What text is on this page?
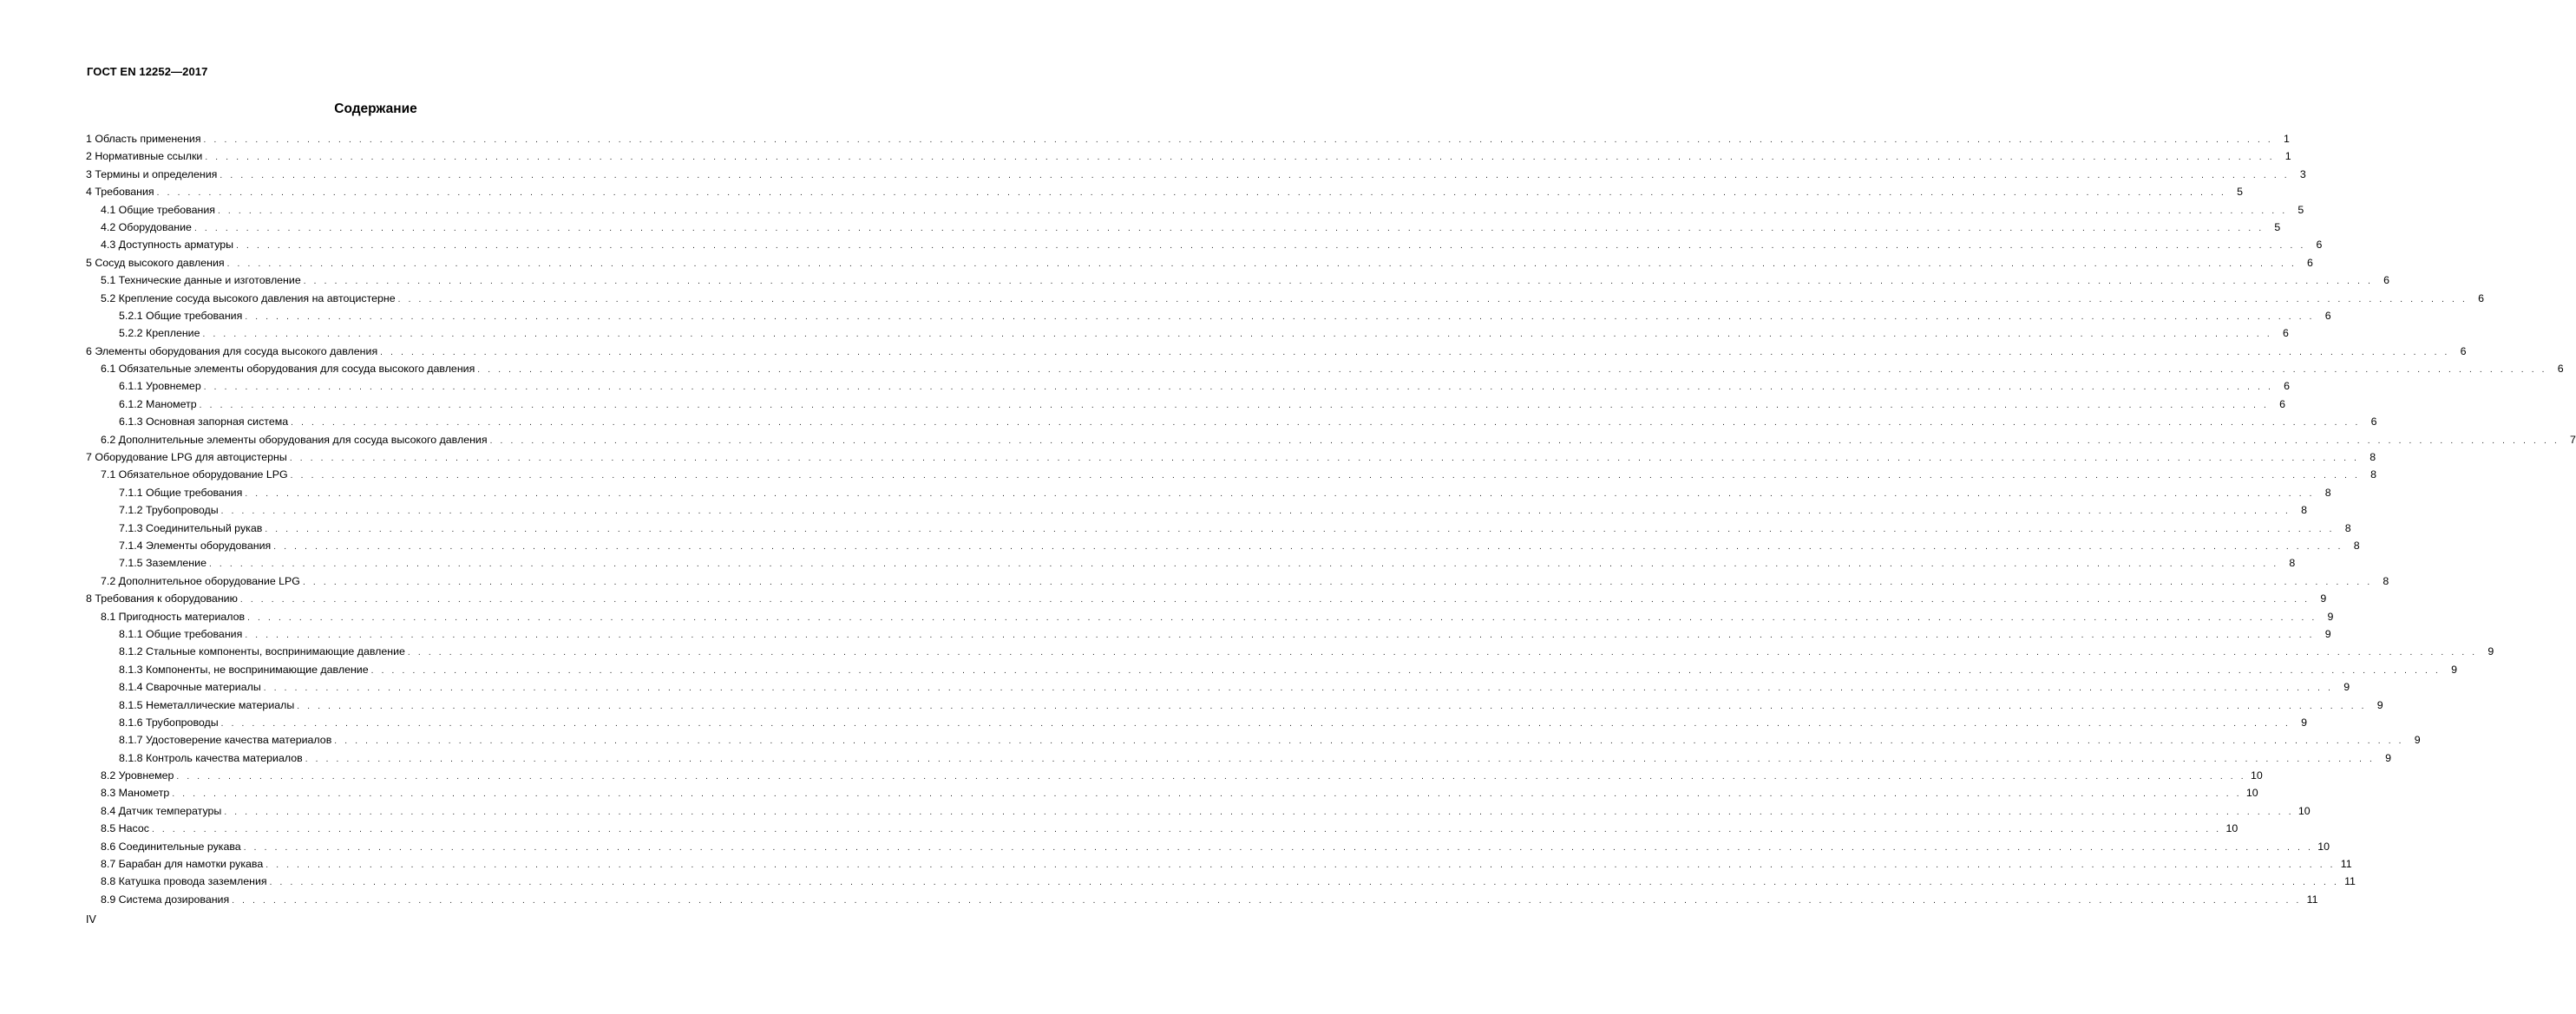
ГОСТ EN 12252—2017
Содержание
1 Область применения . . . . . . . . . . . . . . . . . . . . . . . . . . . . . . . . . . . . . . . . . . . . . . . . . . . . . . . . . . . . . . . . . . . . . . . . . . . . . . . . . . . . . . . . . . . . . . . . . . . . . . . . . . . . . . . . . . . . . . . . . . . . . . . . . . . . . . . . . . . . . . . . . . . . . . . . . . . . . . . . . . . . . . . . . . . . . . . . . . . . . . . . . . . . . . . . . . . . . . . . 1
2 Нормативные ссылки . . . . . . . . . . . . . . . . . . . . . . . . . . . . . . . . . . . . . . . . . . . . . . . . . . . . . . . . . . . . . . . . . . . . . . . . . . . . . . . . . . . . . . . . . . . . . . . . . . . . . . . . . . . . . . . . . . . . . . . . . . . . . . . . . . . . . . . . . . . . . . . . . . . . . . . . . . . . . . . . . . . . . . . . . . . . . . . . . . . . . . . . . . . . . . . . . . . . . . . . 1
3 Термины и определения . . . . . . . . . . . . . . . . . . . . . . . . . . . . . . . . . . . . . . . . . . . . . . . . . . . . . . . . . . . . . . . . . . . . . . . . . . . . . . . . . . . . . . . . . . . . . . . . . . . . . . . . . . . . . . . . . . . . . . . . . . . . . . . . . . . . . . . . . . . . . . . . . . . . . . . . . . . . . . . . . . . . . . . . . . . . . . . . . . . . . . . . . . . . . . . . . . . . . . . . 3
4 Требования . . . . . . . . . . . . . . . . . . . . . . . . . . . . . . . . . . . . . . . . . . . . . . . . . . . . . . . . . . . . . . . . . . . . . . . . . . . . . . . . . . . . . . . . . . . . . . . . . . . . . . . . . . . . . . . . . . . . . . . . . . . . . . . . . . . . . . . . . . . . . . . . . . . . . . . . . . . . . . . . . . . . . . . . . . . . . . . . . . . . . . . . . . . . . . . . . . . . . . . . 5
4.1 Общие требования . . . . . . . . . . . . . . . . . . . . . . . . . . . . . . . . . . . . . . . . . . . . . . . . . . . . . . . . . . . . . . . . . . . . . . . . . . . . . . . . . . . . . . . . . . . . . . . . . . . . . . . . . . . . . . . . . . . . . . . . . . . . . . . . . . . . . . . . . . . . . . . . . . . . . . . . . . . . . . . . . . . . . . . . . . . . . . . . . . . . . . . . . . . . . . . . . . . . . . . . 5
4.2 Оборудование . . . . . . . . . . . . . . . . . . . . . . . . . . . . . . . . . . . . . . . . . . . . . . . . . . . . . . . . . . . . . . . . . . . . . . . . . . . . . . . . . . . . . . . . . . . . . . . . . . . . . . . . . . . . . . . . . . . . . . . . . . . . . . . . . . . . . . . . . . . . . . . . . . . . . . . . . . . . . . . . . . . . . . . . . . . . . . . . . . . . . . . . . . . . . . . . . . . . . . . . 5
4.3 Доступность арматуры . . . . . . . . . . . . . . . . . . . . . . . . . . . . . . . . . . . . . . . . . . . . . . . . . . . . . . . . . . . . . . . . . . . . . . . . . . . . . . . . . . . . . . . . . . . . . . . . . . . . . . . . . . . . . . . . . . . . . . . . . . . . . . . . . . . . . . . . . . . . . . . . . . . . . . . . . . . . . . . . . . . . . . . . . . . . . . . . . . . . . . . . . . . . . . . . . . . . . . . . 6
5 Сосуд высокого давления . . . . . . . . . . . . . . . . . . . . . . . . . . . . . . . . . . . . . . . . . . . . . . . . . . . . . . . . . . . . . . . . . . . . . . . . . . . . . . . . . . . . . . . . . . . . . . . . . . . . . . . . . . . . . . . . . . . . . . . . . . . . . . . . . . . . . . . . . . . . . . . . . . . . . . . . . . . . . . . . . . . . . . . . . . . . . . . . . . . . . . . . . . . . . . . . . . . . . . . . 6
5.1 Технические данные и изготовление . . . . . . . . . . . . . . . . . . . . . . . . . . . . . . . . . . . . . . . . . . . . . . . . . . . . . . . . . . . . . . . . . . . . . . . . . . . . . . . . . . . . . . . . . . . . . . . . . . . . . . . . . . . . . . . . . . . . . . . . . . . . . . . . . . . . . . . . . . . . . . . . . . . . . . . . . . . . . . . . . . . . . . . . . . . . . . . . . . . . . . . . . . . . . . . . . . . . . . . . 6
5.2 Крепление сосуда высокого давления на автоцистерне . . . . . . . . . . . . . . . . . . . . . . . . . . . . . . . . . . . . . . . . . . . . . . . . . . . . . . . . . . . . . . . . . . . . . . . . . . . . . . . . . . . . . . . . . . . . . . . . . . . . . . . . . . . . . . . . . . . . . . . . . . . . . . . . . . . . . . . . . . . . . . . . . . . . . . . . . . . . . . . . . . . . . . . . . . . . . . . . . . . . . . . . . . . . . . . . . . . . . . . . 6
5.2.1 Общие требования . . . . . . . . . . . . . . . . . . . . . . . . . . . . . . . . . . . . . . . . . . . . . . . . . . . . . . . . . . . . . . . . . . . . . . . . . . . . . . . . . . . . . . . . . . . . . . . . . . . . . . . . . . . . . . . . . . . . . . . . . . . . . . . . . . . . . . . . . . . . . . . . . . . . . . . . . . . . . . . . . . . . . . . . . . . . . . . . . . . . . . . . . . . . . . . . . . . . . . . . 6
5.2.2 Крепление . . . . . . . . . . . . . . . . . . . . . . . . . . . . . . . . . . . . . . . . . . . . . . . . . . . . . . . . . . . . . . . . . . . . . . . . . . . . . . . . . . . . . . . . . . . . . . . . . . . . . . . . . . . . . . . . . . . . . . . . . . . . . . . . . . . . . . . . . . . . . . . . . . . . . . . . . . . . . . . . . . . . . . . . . . . . . . . . . . . . . . . . . . . . . . . . . . . . . . . . 6
6 Элементы оборудования для сосуда высокого давления . . . . . . . . . . . . . . . . . . . . . . . . . . . . . . . . . . . . . . . . . . . . . . . . . . . . . . . . . . . . . . . . . . . . . . . . . . . . . . . . . . . . . . . . . . . . . . . . . . . . . . . . . . . . . . . . . . . . . . . . . . . . . . . . . . . . . . . . . . . . . . . . . . . . . . . . . . . . . . . . . . . . . . . . . . . . . . . . . . . . . . . . . . . . . . . . . . . . . . . . 6
6.1 Обязательные элементы оборудования для сосуда высокого давления . . . . . . . . . . . . . . . . . . . . . . . . . . . . . . . . . . . . . . . . . . . . . . . . . . . . . . . . . . . . . . . . . . . . . . . . . . . . . . . . . . . . . . . . . . . . . . . . . . . . . . . . . . . . . . . . . . . . . . . . . . . . . . . . . . . . . . . . . . . . . . . . . . . . . . . . . . . . . . . . . . . . . . . . . . . . . . . . . . . . . . . . . . . . . . . . . . . . . . . . 6
6.1.1 Уровнемер . . . . . . . . . . . . . . . . . . . . . . . . . . . . . . . . . . . . . . . . . . . . . . . . . . . . . . . . . . . . . . . . . . . . . . . . . . . . . . . . . . . . . . . . . . . . . . . . . . . . . . . . . . . . . . . . . . . . . . . . . . . . . . . . . . . . . . . . . . . . . . . . . . . . . . . . . . . . . . . . . . . . . . . . . . . . . . . . . . . . . . . . . . . . . . . . . . . . . . . . 6
6.1.2 Манометр . . . . . . . . . . . . . . . . . . . . . . . . . . . . . . . . . . . . . . . . . . . . . . . . . . . . . . . . . . . . . . . . . . . . . . . . . . . . . . . . . . . . . . . . . . . . . . . . . . . . . . . . . . . . . . . . . . . . . . . . . . . . . . . . . . . . . . . . . . . . . . . . . . . . . . . . . . . . . . . . . . . . . . . . . . . . . . . . . . . . . . . . . . . . . . . . . . . . . . . . 6
6.1.3 Основная запорная система . . . . . . . . . . . . . . . . . . . . . . . . . . . . . . . . . . . . . . . . . . . . . . . . . . . . . . . . . . . . . . . . . . . . . . . . . . . . . . . . . . . . . . . . . . . . . . . . . . . . . . . . . . . . . . . . . . . . . . . . . . . . . . . . . . . . . . . . . . . . . . . . . . . . . . . . . . . . . . . . . . . . . . . . . . . . . . . . . . . . . . . . . . . . . . . . . . . . . . . . 6
6.2 Дополнительные элементы оборудования для сосуда высокого давления . . . . . . . . . . . . . . . . . . . . . . . . . . . . . . . . . . . . . . . . . . . . . . . . . . . . . . . . . . . . . . . . . . . . . . . . . . . . . . . . . . . . . . . . . . . . . . . . . . . . . . . . . . . . . . . . . . . . . . . . . . . . . . . . . . . . . . . . . . . . . . . . . . . . . . . . . . . . . . . . . . . . . . . . . . . . . . . . . . . . . . . . . . . . . . . . . . . . . . . . 7
7 Оборудование LPG для автоцистерны . . . . . . . . . . . . . . . . . . . . . . . . . . . . . . . . . . . . . . . . . . . . . . . . . . . . . . . . . . . . . . . . . . . . . . . . . . . . . . . . . . . . . . . . . . . . . . . . . . . . . . . . . . . . . . . . . . . . . . . . . . . . . . . . . . . . . . . . . . . . . . . . . . . . . . . . . . . . . . . . . . . . . . . . . . . . . . . . . . . . . . . . . . . . . . . . . . . . . . . . 8
7.1 Обязательное оборудование LPG . . . . . . . . . . . . . . . . . . . . . . . . . . . . . . . . . . . . . . . . . . . . . . . . . . . . . . . . . . . . . . . . . . . . . . . . . . . . . . . . . . . . . . . . . . . . . . . . . . . . . . . . . . . . . . . . . . . . . . . . . . . . . . . . . . . . . . . . . . . . . . . . . . . . . . . . . . . . . . . . . . . . . . . . . . . . . . . . . . . . . . . . . . . . . . . . . . . . . . . . 8
7.1.1 Общие требования . . . . . . . . . . . . . . . . . . . . . . . . . . . . . . . . . . . . . . . . . . . . . . . . . . . . . . . . . . . . . . . . . . . . . . . . . . . . . . . . . . . . . . . . . . . . . . . . . . . . . . . . . . . . . . . . . . . . . . . . . . . . . . . . . . . . . . . . . . . . . . . . . . . . . . . . . . . . . . . . . . . . . . . . . . . . . . . . . . . . . . . . . . . . . . . . . . . . . . . . 8
7.1.2 Трубопроводы . . . . . . . . . . . . . . . . . . . . . . . . . . . . . . . . . . . . . . . . . . . . . . . . . . . . . . . . . . . . . . . . . . . . . . . . . . . . . . . . . . . . . . . . . . . . . . . . . . . . . . . . . . . . . . . . . . . . . . . . . . . . . . . . . . . . . . . . . . . . . . . . . . . . . . . . . . . . . . . . . . . . . . . . . . . . . . . . . . . . . . . . . . . . . . . . . . . . . . . . 8
7.1.3 Соединительный рукав . . . . . . . . . . . . . . . . . . . . . . . . . . . . . . . . . . . . . . . . . . . . . . . . . . . . . . . . . . . . . . . . . . . . . . . . . . . . . . . . . . . . . . . . . . . . . . . . . . . . . . . . . . . . . . . . . . . . . . . . . . . . . . . . . . . . . . . . . . . . . . . . . . . . . . . . . . . . . . . . . . . . . . . . . . . . . . . . . . . . . . . . . . . . . . . . . . . . . . . . 8
7.1.4 Элементы оборудования . . . . . . . . . . . . . . . . . . . . . . . . . . . . . . . . . . . . . . . . . . . . . . . . . . . . . . . . . . . . . . . . . . . . . . . . . . . . . . . . . . . . . . . . . . . . . . . . . . . . . . . . . . . . . . . . . . . . . . . . . . . . . . . . . . . . . . . . . . . . . . . . . . . . . . . . . . . . . . . . . . . . . . . . . . . . . . . . . . . . . . . . . . . . . . . . . . . . . . . . 8
7.1.5 Заземление . . . . . . . . . . . . . . . . . . . . . . . . . . . . . . . . . . . . . . . . . . . . . . . . . . . . . . . . . . . . . . . . . . . . . . . . . . . . . . . . . . . . . . . . . . . . . . . . . . . . . . . . . . . . . . . . . . . . . . . . . . . . . . . . . . . . . . . . . . . . . . . . . . . . . . . . . . . . . . . . . . . . . . . . . . . . . . . . . . . . . . . . . . . . . . . . . . . . . . . . 8
7.2 Дополнительное оборудование LPG . . . . . . . . . . . . . . . . . . . . . . . . . . . . . . . . . . . . . . . . . . . . . . . . . . . . . . . . . . . . . . . . . . . . . . . . . . . . . . . . . . . . . . . . . . . . . . . . . . . . . . . . . . . . . . . . . . . . . . . . . . . . . . . . . . . . . . . . . . . . . . . . . . . . . . . . . . . . . . . . . . . . . . . . . . . . . . . . . . . . . . . . . . . . . . . . . . . . . . . . 8
8 Требования к оборудованию . . . . . . . . . . . . . . . . . . . . . . . . . . . . . . . . . . . . . . . . . . . . . . . . . . . . . . . . . . . . . . . . . . . . . . . . . . . . . . . . . . . . . . . . . . . . . . . . . . . . . . . . . . . . . . . . . . . . . . . . . . . . . . . . . . . . . . . . . . . . . . . . . . . . . . . . . . . . . . . . . . . . . . . . . . . . . . . . . . . . . . . . . . . . . . . . . . . . . . . . 9
8.1 Пригодность материалов . . . . . . . . . . . . . . . . . . . . . . . . . . . . . . . . . . . . . . . . . . . . . . . . . . . . . . . . . . . . . . . . . . . . . . . . . . . . . . . . . . . . . . . . . . . . . . . . . . . . . . . . . . . . . . . . . . . . . . . . . . . . . . . . . . . . . . . . . . . . . . . . . . . . . . . . . . . . . . . . . . . . . . . . . . . . . . . . . . . . . . . . . . . . . . . . . . . . . . . . 9
8.1.1 Общие требования . . . . . . . . . . . . . . . . . . . . . . . . . . . . . . . . . . . . . . . . . . . . . . . . . . . . . . . . . . . . . . . . . . . . . . . . . . . . . . . . . . . . . . . . . . . . . . . . . . . . . . . . . . . . . . . . . . . . . . . . . . . . . . . . . . . . . . . . . . . . . . . . . . . . . . . . . . . . . . . . . . . . . . . . . . . . . . . . . . . . . . . . . . . . . . . . . . . . . . . . 9
8.1.2 Стальные компоненты, воспринимающие давление . . . . . . . . . . . . . . . . . . . . . . . . . . . . . . . . . . . . . . . . . . . . . . . . . . . . . . . . . . . . . . . . . . . . . . . . . . . . . . . . . . . . . . . . . . . . . . . . . . . . . . . . . . . . . . . . . . . . . . . . . . . . . . . . . . . . . . . . . . . . . . . . . . . . . . . . . . . . . . . . . . . . . . . . . . . . . . . . . . . . . . . . . . . . . . . . . . . . . . . . 9
8.1.3 Компоненты, не воспринимающие давление . . . . . . . . . . . . . . . . . . . . . . . . . . . . . . . . . . . . . . . . . . . . . . . . . . . . . . . . . . . . . . . . . . . . . . . . . . . . . . . . . . . . . . . . . . . . . . . . . . . . . . . . . . . . . . . . . . . . . . . . . . . . . . . . . . . . . . . . . . . . . . . . . . . . . . . . . . . . . . . . . . . . . . . . . . . . . . . . . . . . . . . . . . . . . . . . . . . . . . . . 9
8.1.4 Сварочные материалы . . . . . . . . . . . . . . . . . . . . . . . . . . . . . . . . . . . . . . . . . . . . . . . . . . . . . . . . . . . . . . . . . . . . . . . . . . . . . . . . . . . . . . . . . . . . . . . . . . . . . . . . . . . . . . . . . . . . . . . . . . . . . . . . . . . . . . . . . . . . . . . . . . . . . . . . . . . . . . . . . . . . . . . . . . . . . . . . . . . . . . . . . . . . . . . . . . . . . . . . 9
8.1.5 Неметаллические материалы . . . . . . . . . . . . . . . . . . . . . . . . . . . . . . . . . . . . . . . . . . . . . . . . . . . . . . . . . . . . . . . . . . . . . . . . . . . . . . . . . . . . . . . . . . . . . . . . . . . . . . . . . . . . . . . . . . . . . . . . . . . . . . . . . . . . . . . . . . . . . . . . . . . . . . . . . . . . . . . . . . . . . . . . . . . . . . . . . . . . . . . . . . . . . . . . . . . . . . . . 9
8.1.6 Трубопроводы . . . . . . . . . . . . . . . . . . . . . . . . . . . . . . . . . . . . . . . . . . . . . . . . . . . . . . . . . . . . . . . . . . . . . . . . . . . . . . . . . . . . . . . . . . . . . . . . . . . . . . . . . . . . . . . . . . . . . . . . . . . . . . . . . . . . . . . . . . . . . . . . . . . . . . . . . . . . . . . . . . . . . . . . . . . . . . . . . . . . . . . . . . . . . . . . . . . . . . . . 9
8.1.7 Удостоверение качества материалов . . . . . . . . . . . . . . . . . . . . . . . . . . . . . . . . . . . . . . . . . . . . . . . . . . . . . . . . . . . . . . . . . . . . . . . . . . . . . . . . . . . . . . . . . . . . . . . . . . . . . . . . . . . . . . . . . . . . . . . . . . . . . . . . . . . . . . . . . . . . . . . . . . . . . . . . . . . . . . . . . . . . . . . . . . . . . . . . . . . . . . . . . . . . . . . . . . . . . . . . 9
8.1.8 Контроль качества материалов . . . . . . . . . . . . . . . . . . . . . . . . . . . . . . . . . . . . . . . . . . . . . . . . . . . . . . . . . . . . . . . . . . . . . . . . . . . . . . . . . . . . . . . . . . . . . . . . . . . . . . . . . . . . . . . . . . . . . . . . . . . . . . . . . . . . . . . . . . . . . . . . . . . . . . . . . . . . . . . . . . . . . . . . . . . . . . . . . . . . . . . . . . . . . . . . . . . . . . . . 9
8.2 Уровнемер . . . . . . . . . . . . . . . . . . . . . . . . . . . . . . . . . . . . . . . . . . . . . . . . . . . . . . . . . . . . . . . . . . . . . . . . . . . . . . . . . . . . . . . . . . . . . . . . . . . . . . . . . . . . . . . . . . . . . . . . . . . . . . . . . . . . . . . . . . . . . . . . . . . . . . . . . . . . . . . . . . . . . . . . . . . . . . . . . . . . . . . . . . . . . . . . . . . . . . . . 10
8.3 Манометр . . . . . . . . . . . . . . . . . . . . . . . . . . . . . . . . . . . . . . . . . . . . . . . . . . . . . . . . . . . . . . . . . . . . . . . . . . . . . . . . . . . . . . . . . . . . . . . . . . . . . . . . . . . . . . . . . . . . . . . . . . . . . . . . . . . . . . . . . . . . . . . . . . . . . . . . . . . . . . . . . . . . . . . . . . . . . . . . . . . . . . . . . . . . . . . . . . . . . . . . 10
8.4 Датчик температуры . . . . . . . . . . . . . . . . . . . . . . . . . . . . . . . . . . . . . . . . . . . . . . . . . . . . . . . . . . . . . . . . . . . . . . . . . . . . . . . . . . . . . . . . . . . . . . . . . . . . . . . . . . . . . . . . . . . . . . . . . . . . . . . . . . . . . . . . . . . . . . . . . . . . . . . . . . . . . . . . . . . . . . . . . . . . . . . . . . . . . . . . . . . . . . . . . . . . . . . . 10
8.5 Насос . . . . . . . . . . . . . . . . . . . . . . . . . . . . . . . . . . . . . . . . . . . . . . . . . . . . . . . . . . . . . . . . . . . . . . . . . . . . . . . . . . . . . . . . . . . . . . . . . . . . . . . . . . . . . . . . . . . . . . . . . . . . . . . . . . . . . . . . . . . . . . . . . . . . . . . . . . . . . . . . . . . . . . . . . . . . . . . . . . . . . . . . . . . . . . . . . . . . . . . . 10
8.6 Соединительные рукава . . . . . . . . . . . . . . . . . . . . . . . . . . . . . . . . . . . . . . . . . . . . . . . . . . . . . . . . . . . . . . . . . . . . . . . . . . . . . . . . . . . . . . . . . . . . . . . . . . . . . . . . . . . . . . . . . . . . . . . . . . . . . . . . . . . . . . . . . . . . . . . . . . . . . . . . . . . . . . . . . . . . . . . . . . . . . . . . . . . . . . . . . . . . . . . . . . . . . . . . 10
8.7 Барабан для намотки рукава . . . . . . . . . . . . . . . . . . . . . . . . . . . . . . . . . . . . . . . . . . . . . . . . . . . . . . . . . . . . . . . . . . . . . . . . . . . . . . . . . . . . . . . . . . . . . . . . . . . . . . . . . . . . . . . . . . . . . . . . . . . . . . . . . . . . . . . . . . . . . . . . . . . . . . . . . . . . . . . . . . . . . . . . . . . . . . . . . . . . . . . . . . . . . . . . . . . . . . . . 11
8.8 Катушка провода заземления . . . . . . . . . . . . . . . . . . . . . . . . . . . . . . . . . . . . . . . . . . . . . . . . . . . . . . . . . . . . . . . . . . . . . . . . . . . . . . . . . . . . . . . . . . . . . . . . . . . . . . . . . . . . . . . . . . . . . . . . . . . . . . . . . . . . . . . . . . . . . . . . . . . . . . . . . . . . . . . . . . . . . . . . . . . . . . . . . . . . . . . . . . . . . . . . . . . . . . . . 11
8.9 Система дозирования . . . . . . . . . . . . . . . . . . . . . . . . . . . . . . . . . . . . . . . . . . . . . . . . . . . . . . . . . . . . . . . . . . . . . . . . . . . . . . . . . . . . . . . . . . . . . . . . . . . . . . . . . . . . . . . . . . . . . . . . . . . . . . . . . . . . . . . . . . . . . . . . . . . . . . . . . . . . . . . . . . . . . . . . . . . . . . . . . . . . . . . . . . . . . . . . . . . . . . . . 11
IV
